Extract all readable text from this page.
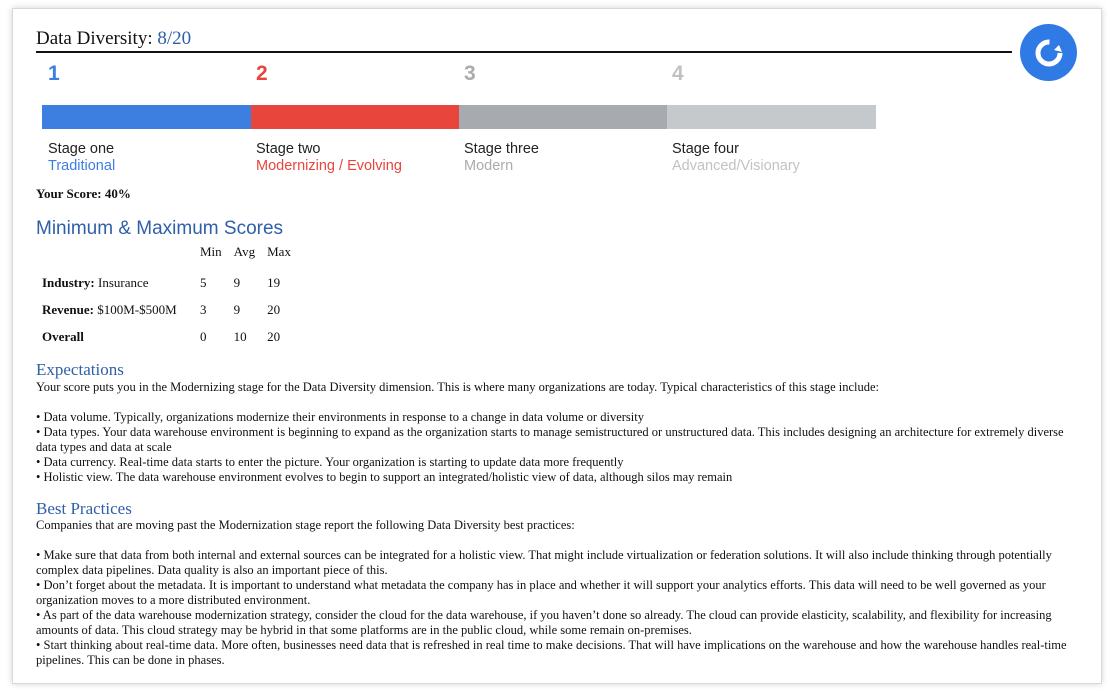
Data Diversity: 8/20
1	2	3	4
Stage one	Stage two	Stage three	Stage four
Traditional	Modernizing / Evolving	Modern	Advanced/Visionary
Your Score: 40%
Minimum & Maximum Scores
	Min	Avg	Max
Industry: Insurance	5	9	19
Revenue: $100M-$500M	3	9	20
Overall	0	10	20
Expectations
Your score puts you in the Modernizing stage for the Data Diversity dimension. This is where many organizations are today. Typical characteristics of this stage include:
• Data volume. Typically, organizations modernize their environments in response to a change in data volume or diversity
• Data types. Your data warehouse environment is beginning to expand as the organization starts to manage semistructured or unstructured data. This includes designing an architecture for extremely diverse data types and data at scale
• Data currency. Real-time data starts to enter the picture. Your organization is starting to update data more frequently
• Holistic view. The data warehouse environment evolves to begin to support an integrated/holistic view of data, although silos may remain
Best Practices
Companies that are moving past the Modernization stage report the following Data Diversity best practices:
• Make sure that data from both internal and external sources can be integrated for a holistic view. That might include virtualization or federation solutions. It will also include thinking through potentially complex data pipelines. Data quality is also an important piece of this.
• Don’t forget about the metadata. It is important to understand what metadata the company has in place and whether it will support your analytics efforts. This data will need to be well governed as your organization moves to a more distributed environment.
• As part of the data warehouse modernization strategy, consider the cloud for the data warehouse, if you haven’t done so already. The cloud can provide elasticity, scalability, and flexibility for increasing amounts of data. This cloud strategy may be hybrid in that some platforms are in the public cloud, while some remain on-premises.
• Start thinking about real-time data. More often, businesses need data that is refreshed in real time to make decisions. That will have implications on the warehouse and how the warehouse handles real-time pipelines. This can be done in phases.
